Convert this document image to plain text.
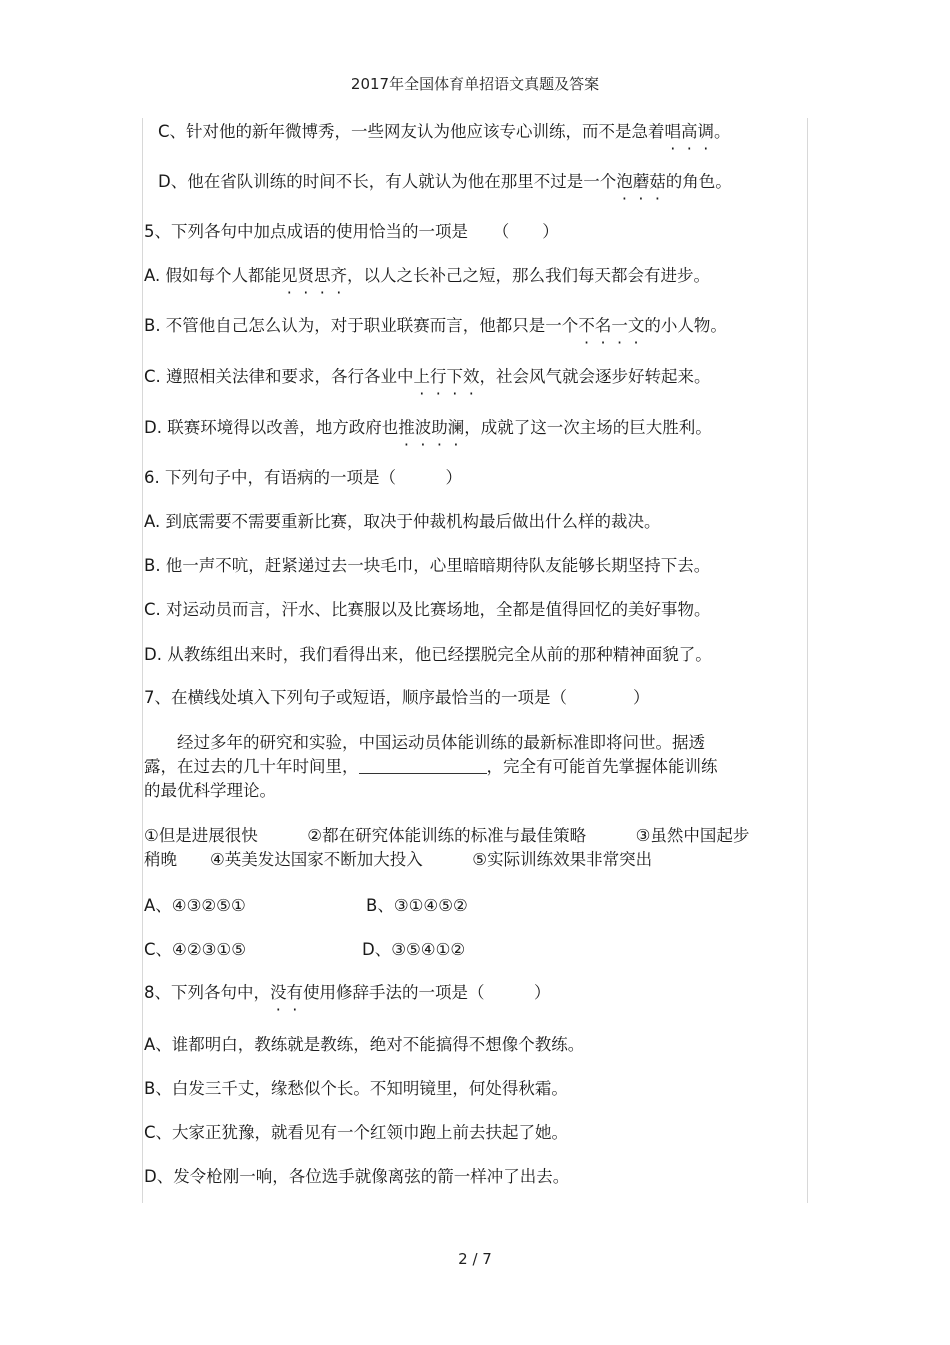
2017年全国体育单招语文真题及答案
C、针对他的新年微博秀，一些网友认为他应该专心训练，而不是急着唱高调。
D、他在省队训练的时间不长，有人就认为他在那里不过是一个泡蘑菇的角色。
5、下列各句中加点成语的使用恰当的一项是　　（　　）
A. 假如每个人都能见贤思齐，以人之长补己之短，那么我们每天都会有进步。
B. 不管他自己怎么认为，对于职业联赛而言，他都只是一个不名一文的小人物。
C. 遵照相关法律和要求，各行各业中上行下效，社会风气就会逐步好转起来。
D. 联赛环境得以改善，地方政府也推波助澜，成就了这一次主场的巨大胜利。
6. 下列句子中，有语病的一项是（　　　）
A. 到底需要不需要重新比赛，取决于仲裁机构最后做出什么样的裁决。
B. 他一声不吭，赶紧递过去一块毛巾，心里暗暗期待队友能够长期坚持下去。
C. 对运动员而言，汗水、比赛服以及比赛场地，全都是值得回忆的美好事物。
D. 从教练组出来时，我们看得出来，他已经摆脱完全从前的那种精神面貌了。
7、在横线处填入下列句子或短语，顺序最恰当的一项是（　　　　）
　　经过多年的研究和实验，中国运动员体能训练的最新标准即将问世。据透
露，在过去的几十年时间里，	，完全有可能首先掌握体能训练
的最优科学理论。
①但是进展很快　　　②都在研究体能训练的标准与最佳策略　　　③虽然中国起步
稍晚　　④英美发达国家不断加大投入　　　⑤实际训练效果非常突出
A、④③②⑤①	B、③①④⑤②
C、④②③①⑤	D、③⑤④①②
8、下列各句中，没有使用修辞手法的一项是（　　　）
A、谁都明白，教练就是教练，绝对不能搞得不想像个教练。
B、白发三千丈，缘愁似个长。不知明镜里，何处得秋霜。
C、大家正犹豫，就看见有一个红领巾跑上前去扶起了她。
D、发令枪刚一响，各位选手就像离弦的箭一样冲了出去。
2 / 7
